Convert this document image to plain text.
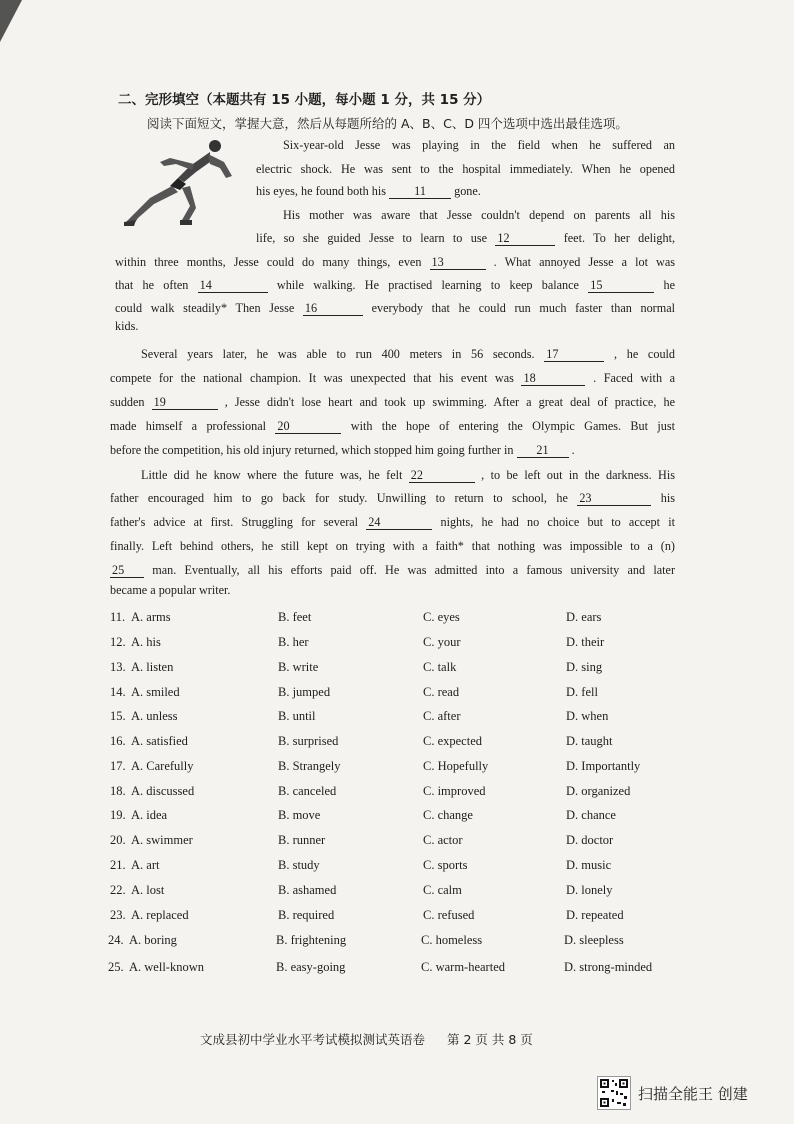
二、完形填空（本题共有 15 小题，每小题 1 分，共 15 分）
阅读下面短文，掌握大意，然后从每题所给的 A、B、C、D 四个选项中选出最佳选项。
Six-year-old Jesse was playing in the field when he suffered an
electric shock. He was sent to the hospital immediately. When he opened
his eyes, he found both his 11 gone.
His mother was aware that Jesse couldn't depend on parents all his
life, so she guided Jesse to learn to use 12	feet. To her delight,
within three months, Jesse could do many things, even 13	. What annoyed Jesse a lot was
that he often 14	while walking. He practised learning to keep balance 15	he
could walk steadily* Then Jesse 16	everybody that he could run much faster than normal
kids.
Several years later, he was able to run 400 meters in 56 seconds. 17	, he could
compete for the national champion. It was unexpected that his event was 18	. Faced with a
sudden 19	, Jesse didn't lose heart and took up swimming. After a great deal of practice, he
made himself a professional 20	with the hope of entering the Olympic Games. But just
before the competition, his old injury returned, which stopped him going further in 21 .
Little did he know where the future was, he felt 22	, to be left out in the darkness. His
father encouraged him to go back for study. Unwilling to return to school, he 23	his
father's advice at first. Struggling for several 24	nights, he had no choice but to accept it
finally. Left behind others, he still kept on trying with a faith* that nothing was impossible to a (n)
25 man. Eventually, all his efforts paid off. He was admitted into a famous university and later
became a popular writer.
11. A. arms	B. feet	C. eyes	D. ears
12. A. his	B. her	C. your	D. their
13. A. listen	B. write	C. talk	D. sing
14. A. smiled	B. jumped	C. read	D. fell
15. A. unless	B. until	C. after	D. when
16. A. satisfied	B. surprised	C. expected	D. taught
17. A. Carefully	B. Strangely	C. Hopefully	D. Importantly
18. A. discussed	B. canceled	C. improved	D. organized
19. A. idea	B. move	C. change	D. chance
20. A. swimmer	B. runner	C. actor	D. doctor
21. A. art	B. study	C. sports	D. music
22. A. lost	B. ashamed	C. calm	D. lonely
23. A. replaced	B. required	C. refused	D. repeated
24. A. boring	B. frightening	C. homeless	D. sleepless
25. A. well-known	B. easy-going	C. warm-hearted	D. strong-minded
文成县初中学业水平考试模拟测试英语卷 第 2 页 共 8 页
扫描全能王 创建
